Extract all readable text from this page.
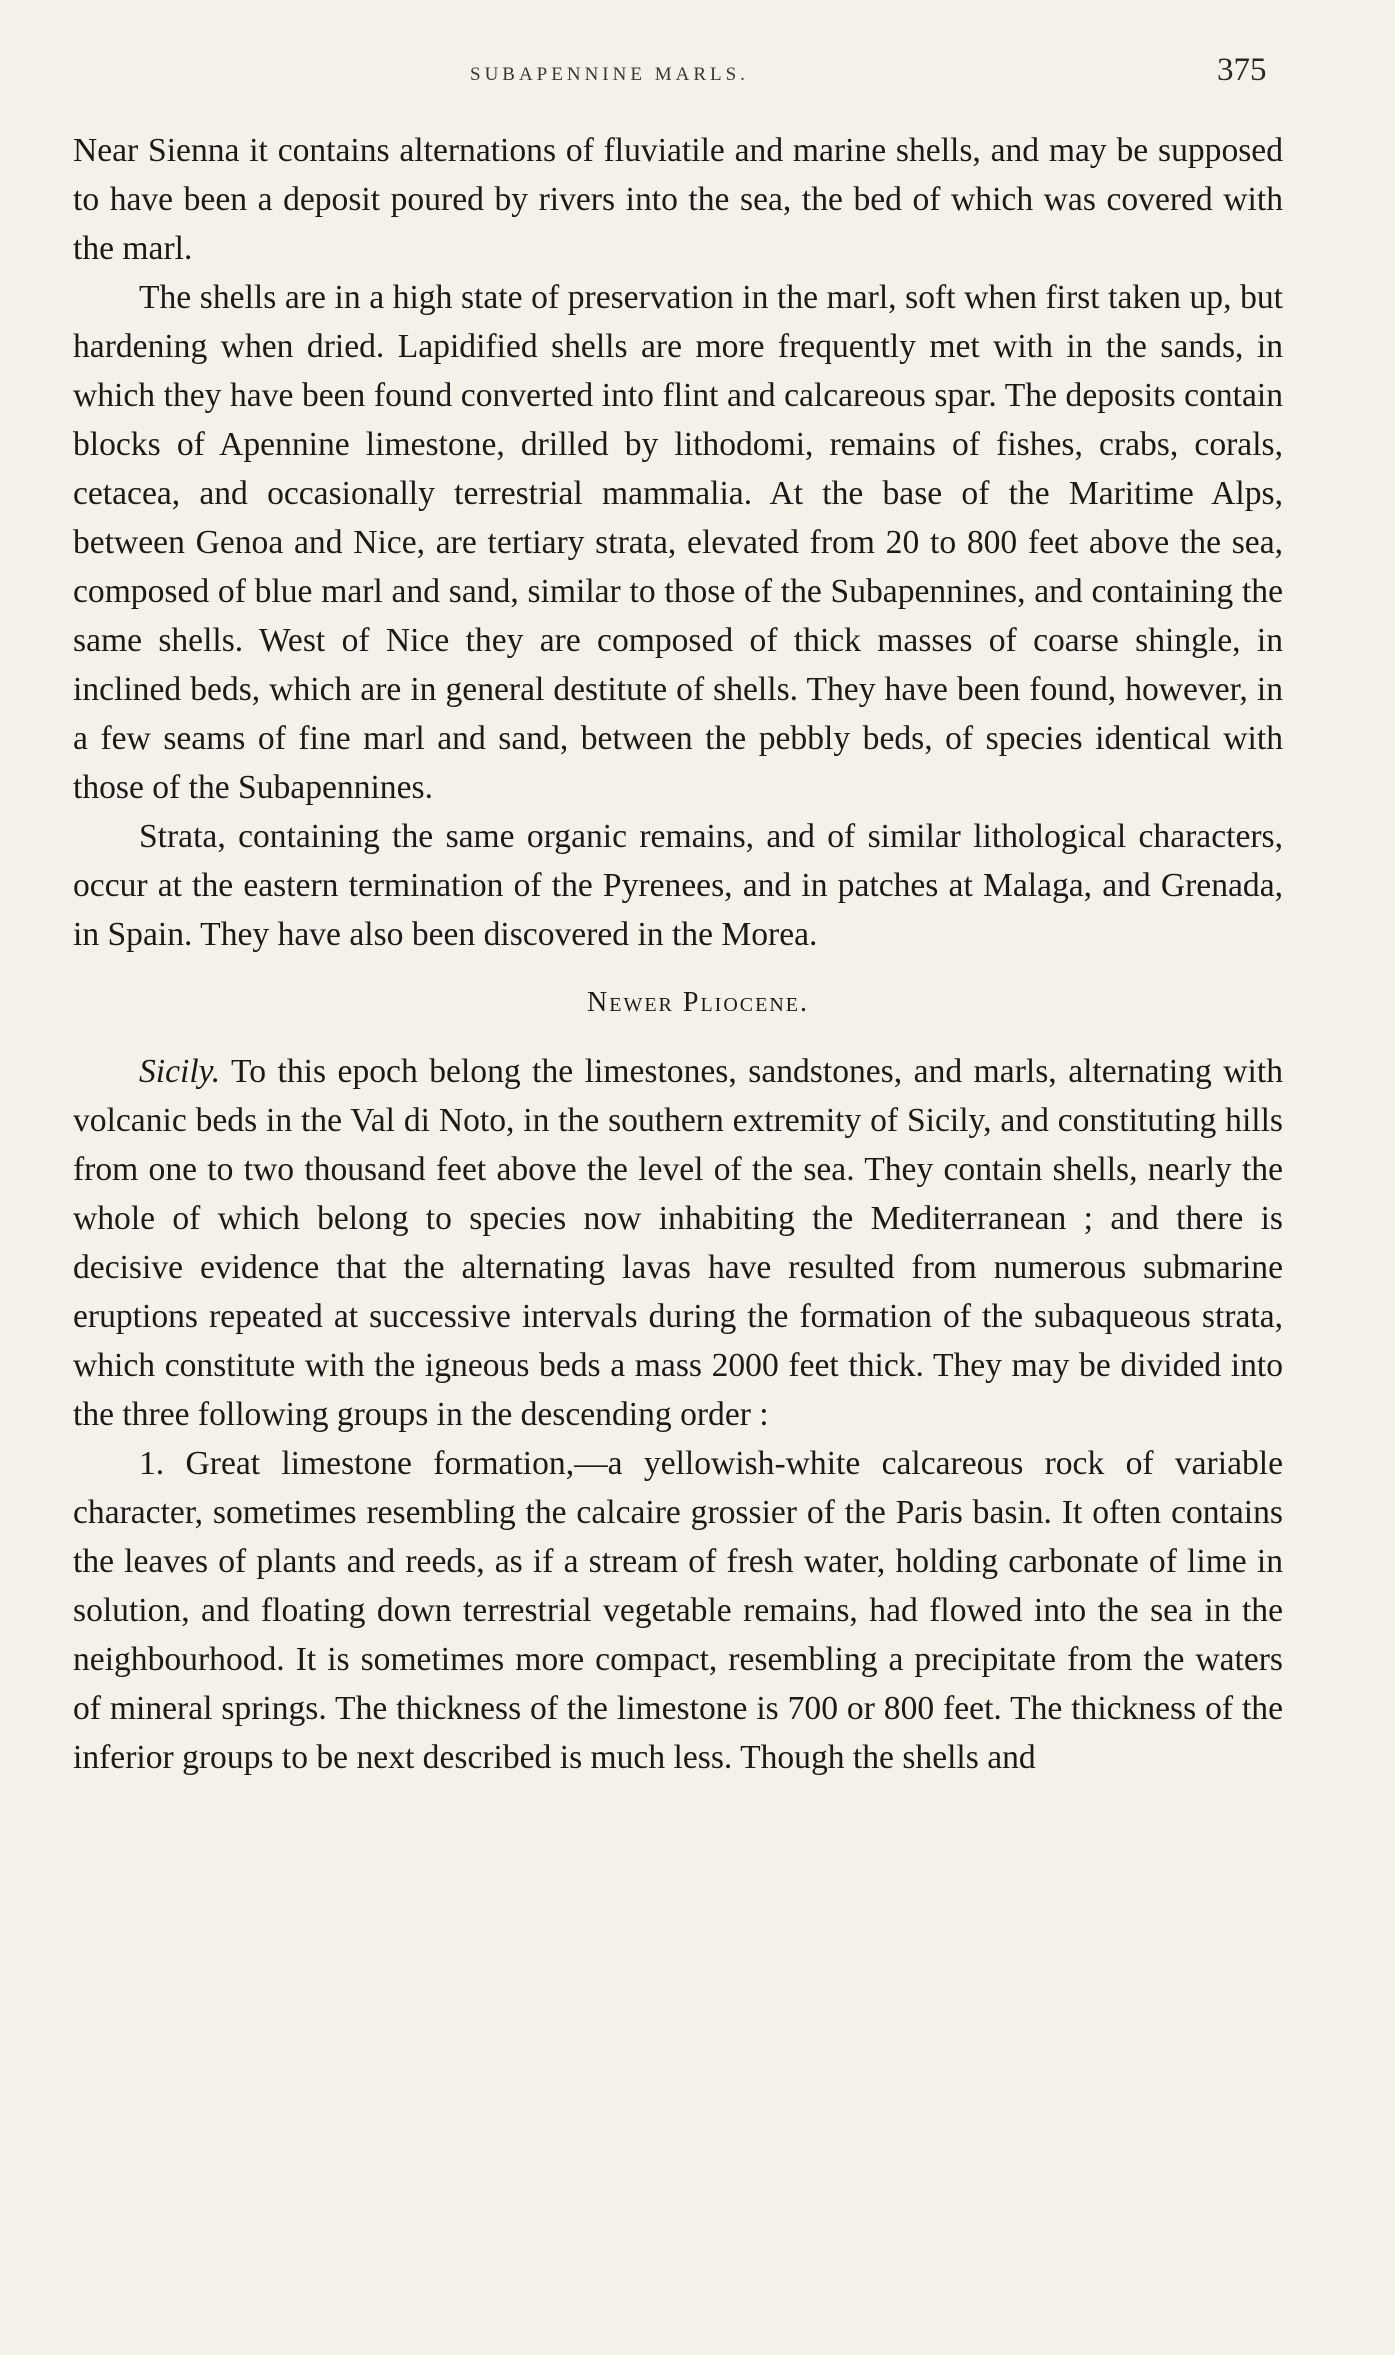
SUBAPENNINE MARLS.	375

Near Sienna it contains alternations of fluviatile and marine shells, and may be supposed to have been a deposit poured by rivers into the sea, the bed of which was covered with the marl.

The shells are in a high state of preservation in the marl, soft when first taken up, but hardening when dried. Lapidified shells are more frequently met with in the sands, in which they have been found converted into flint and calcareous spar. The deposits contain blocks of Apennine limestone, drilled by lithodomi, remains of fishes, crabs, corals, cetacea, and occasionally terrestrial mammalia. At the base of the Maritime Alps, between Genoa and Nice, are tertiary strata, elevated from 20 to 800 feet above the sea, composed of blue marl and sand, similar to those of the Subapennines, and containing the same shells. West of Nice they are composed of thick masses of coarse shingle, in inclined beds, which are in general destitute of shells. They have been found, however, in a few seams of fine marl and sand, between the pebbly beds, of species identical with those of the Subapennines.

Strata, containing the same organic remains, and of similar lithological characters, occur at the eastern termination of the Pyrenees, and in patches at Malaga, and Grenada, in Spain. They have also been discovered in the Morea.

Newer Pliocene.

Sicily. To this epoch belong the limestones, sandstones, and marls, alternating with volcanic beds in the Val di Noto, in the southern extremity of Sicily, and constituting hills from one to two thousand feet above the level of the sea. They contain shells, nearly the whole of which belong to species now inhabiting the Mediterranean ; and there is decisive evidence that the alternating lavas have resulted from numerous submarine eruptions repeated at successive intervals during the formation of the subaqueous strata, which constitute with the igneous beds a mass 2000 feet thick. They may be divided into the three following groups in the descending order :

1. Great limestone formation,—a yellowish-white calcareous rock of variable character, sometimes resembling the calcaire grossier of the Paris basin. It often contains the leaves of plants and reeds, as if a stream of fresh water, holding carbonate of lime in solution, and floating down terrestrial vegetable remains, had flowed into the sea in the neighbourhood. It is sometimes more compact, resembling a precipitate from the waters of mineral springs. The thickness of the limestone is 700 or 800 feet. The thickness of the inferior groups to be next described is much less. Though the shells and
